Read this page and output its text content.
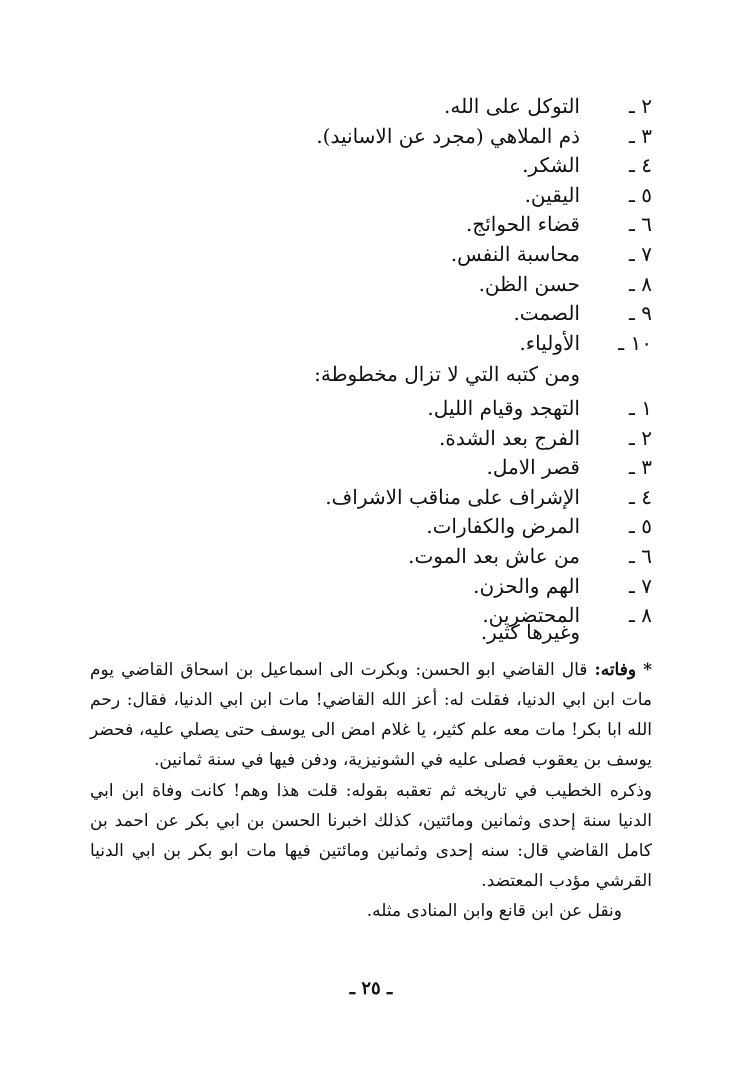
٢ ـ
التوكل على الله.
٣ ـ
ذم الملاهي (مجرد عن الاسانيد).
٤ ـ
الشكر.
٥ ـ
اليقين.
٦ ـ
قضاء الحوائج.
٧ ـ
محاسبة النفس.
٨ ـ
حسن الظن.
٩ ـ
الصمت.
١٠ ـ
الأولياء.
ومن كتبه التي لا تزال مخطوطة:
١ ـ
التهجد وقيام الليل.
٢ ـ
الفرج بعد الشدة.
٣ ـ
قصر الامل.
٤ ـ
الإشراف على مناقب الاشراف.
٥ ـ
المرض والكفارات.
٦ ـ
من عاش بعد الموت.
٧ ـ
الهم والحزن.
٨ ـ
المحتضرين.
وغيرها كثير.

* وفاته: قال القاضي ابو الحسن: وبكرت الى اسماعيل بن اسحاق القاضي يوم مات ابن ابي الدنيا، فقلت له: أعز الله القاضي! مات ابن ابي الدنيا، فقال: رحم الله ابا بكر! مات معه علم كثير، يا غلام امض الى يوسف حتى يصلي عليه، فحضر يوسف بن يعقوب فصلى عليه في الشونيزية، ودفن فيها في سنة ثمانين.

وذكره الخطيب في تاريخه ثم تعقبه بقوله: قلت هذا وهم! كانت وفاة ابن ابي الدنيا سنة إحدى وثمانين ومائتين، كذلك اخبرنا الحسن بن ابي بكر عن احمد بن كامل القاضي قال: سنه إحدى وثمانين ومائتين فيها مات ابو بكر بن ابي الدنيا القرشي مؤدب المعتضد.

ونقل عن ابن قانع وابن المنادى مثله.

ـ ٢٥ ـ
